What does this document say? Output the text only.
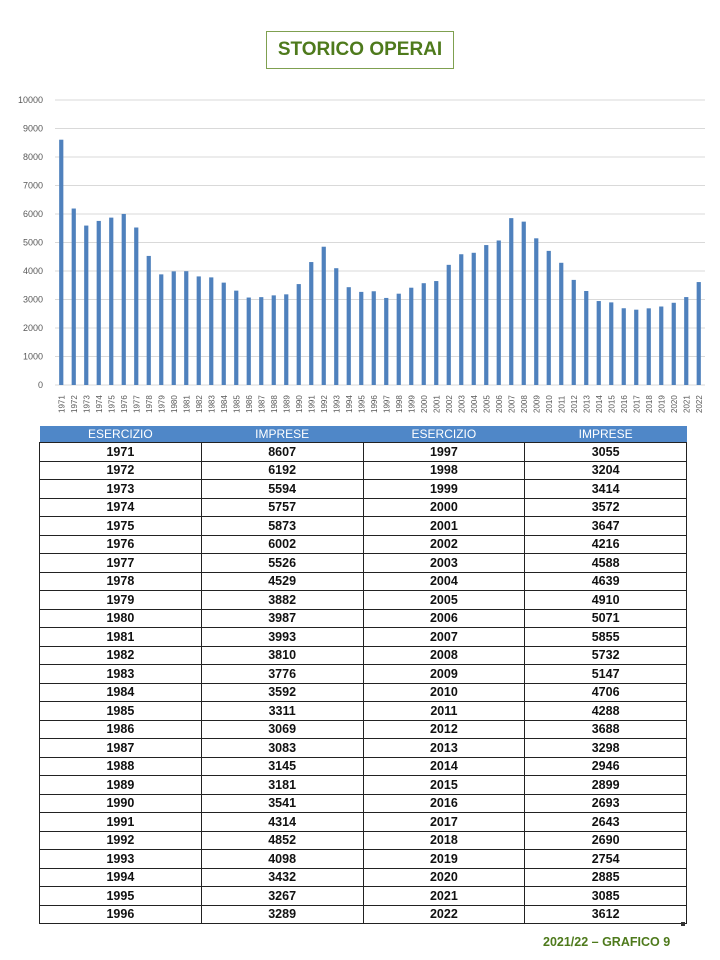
STORICO OPERAI
0
1000
2000
3000
4000
5000
6000
7000
8000
9000
10000
1971 1972 1973 1974 1975 1976 1977 1978 1979 1980 1981 1982 1983 1984 1985 1986 1987 1988 1989 1990 1991 1992 1993 1994 1995 1996 1997 1998 1999 2000 2001 2002 2003 2004 2005 2006 2007 2008 2009 2010 2011 2012 2013 2014 2015 2016 2017 2018 2019 2020 2021 2022
ESERCIZIO	IMPRESE	ESERCIZIO	IMPRESE
1971	8607	1997	3055
1972	6192	1998	3204
1973	5594	1999	3414
1974	5757	2000	3572
1975	5873	2001	3647
1976	6002	2002	4216
1977	5526	2003	4588
1978	4529	2004	4639
1979	3882	2005	4910
1980	3987	2006	5071
1981	3993	2007	5855
1982	3810	2008	5732
1983	3776	2009	5147
1984	3592	2010	4706
1985	3311	2011	4288
1986	3069	2012	3688
1987	3083	2013	3298
1988	3145	2014	2946
1989	3181	2015	2899
1990	3541	2016	2693
1991	4314	2017	2643
1992	4852	2018	2690
1993	4098	2019	2754
1994	3432	2020	2885
1995	3267	2021	3085
1996	3289	2022	3612
2021/22 – GRAFICO 9
